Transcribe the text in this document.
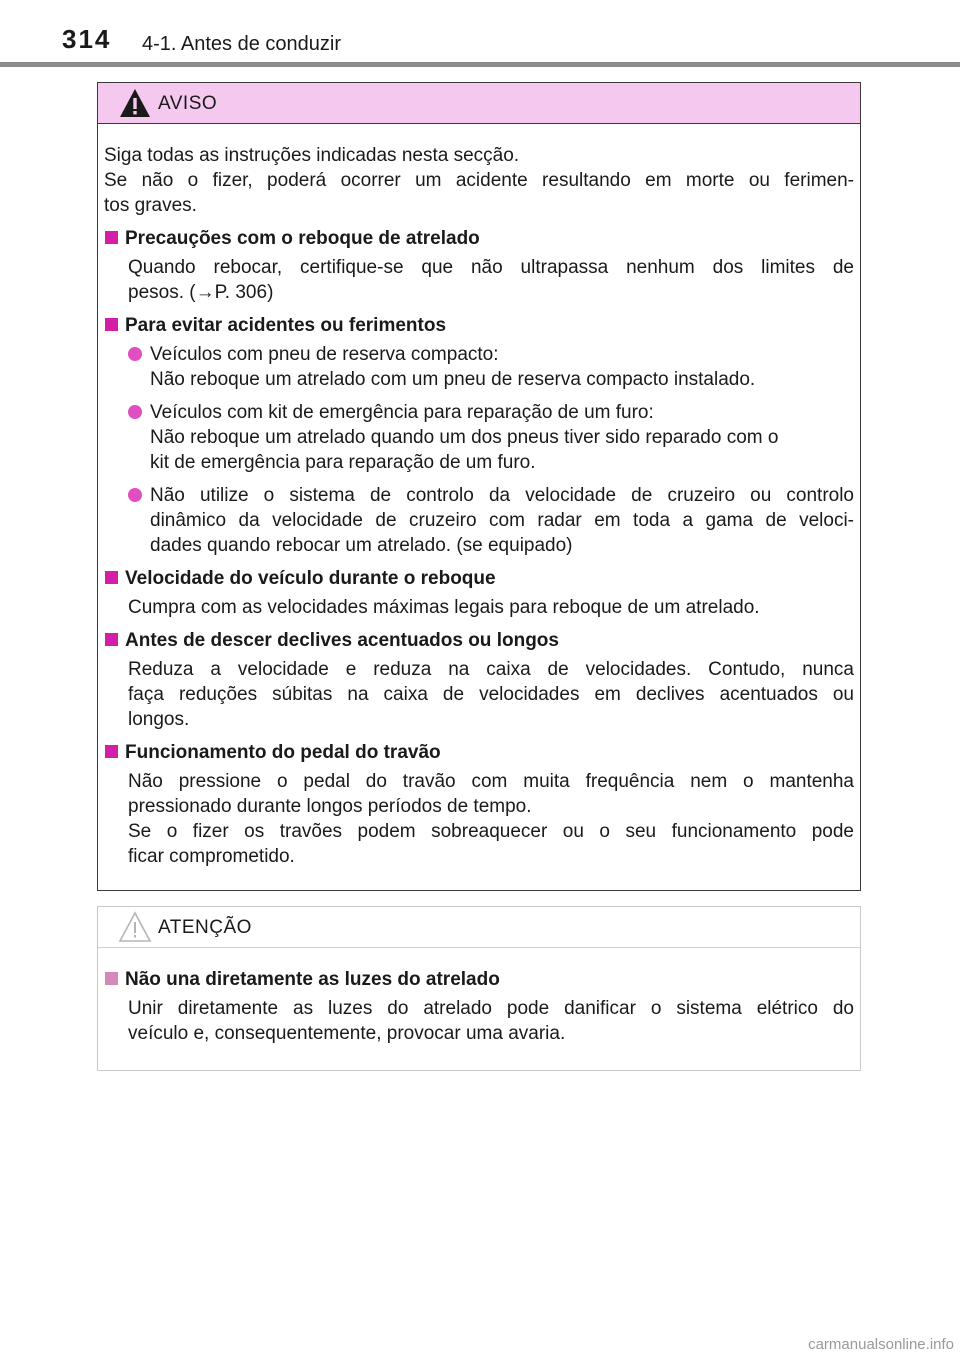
314 4-1. Antes de conduzir
AVISO
Siga todas as instruções indicadas nesta secção.
Se não o fizer, poderá ocorrer um acidente resultando em morte ou ferimen-
tos graves.
Precauções com o reboque de atrelado
Quando rebocar, certifique-se que não ultrapassa nenhum dos limites de
pesos. (→P. 306)
Para evitar acidentes ou ferimentos
Veículos com pneu de reserva compacto:
Não reboque um atrelado com um pneu de reserva compacto instalado.
Veículos com kit de emergência para reparação de um furo:
Não reboque um atrelado quando um dos pneus tiver sido reparado com o
kit de emergência para reparação de um furo.
Não utilize o sistema de controlo da velocidade de cruzeiro ou controlo
dinâmico da velocidade de cruzeiro com radar em toda a gama de veloci-
dades quando rebocar um atrelado. (se equipado)
Velocidade do veículo durante o reboque
Cumpra com as velocidades máximas legais para reboque de um atrelado.
Antes de descer declives acentuados ou longos
Reduza a velocidade e reduza na caixa de velocidades. Contudo, nunca
faça reduções súbitas na caixa de velocidades em declives acentuados ou
longos.
Funcionamento do pedal do travão
Não pressione o pedal do travão com muita frequência nem o mantenha
pressionado durante longos períodos de tempo.
Se o fizer os travões podem sobreaquecer ou o seu funcionamento pode
ficar comprometido.
ATENÇÃO
Não una diretamente as luzes do atrelado
Unir diretamente as luzes do atrelado pode danificar o sistema elétrico do
veículo e, consequentemente, provocar uma avaria.
carmanualsonline.info
